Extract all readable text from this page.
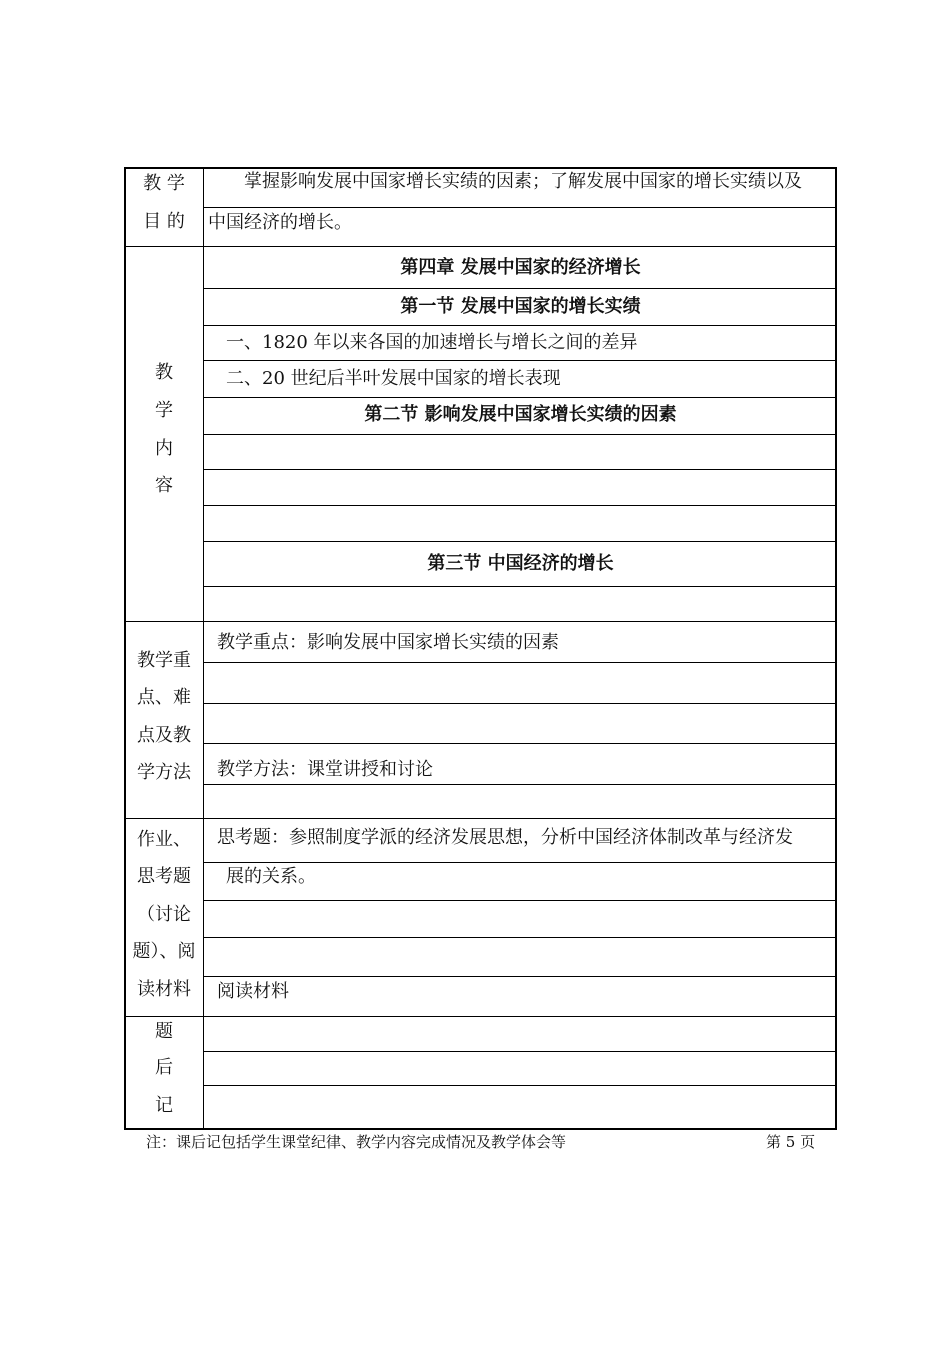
教 学
目 的
掌握影响发展中国家增长实绩的因素；了解发展中国家的增长实绩以及
中国经济的增长。
教
学
内
容
第四章 发展中国家的经济增长
第一节 发展中国家的增长实绩
一、1820 年以来各国的加速增长与增长之间的差异
二、20 世纪后半叶发展中国家的增长表现
第二节 影响发展中国家增长实绩的因素
第三节 中国经济的增长
教学重
点、难
点及教
学方法
教学重点：影响发展中国家增长实绩的因素
教学方法：课堂讲授和讨论
作业、
思考题
（讨论
题）、阅
读材料
思考题：参照制度学派的经济发展思想，分析中国经济体制改革与经济发
展的关系。
阅读材料
题
后
记
注：课后记包括学生课堂纪律、教学内容完成情况及教学体会等	第 5 页
